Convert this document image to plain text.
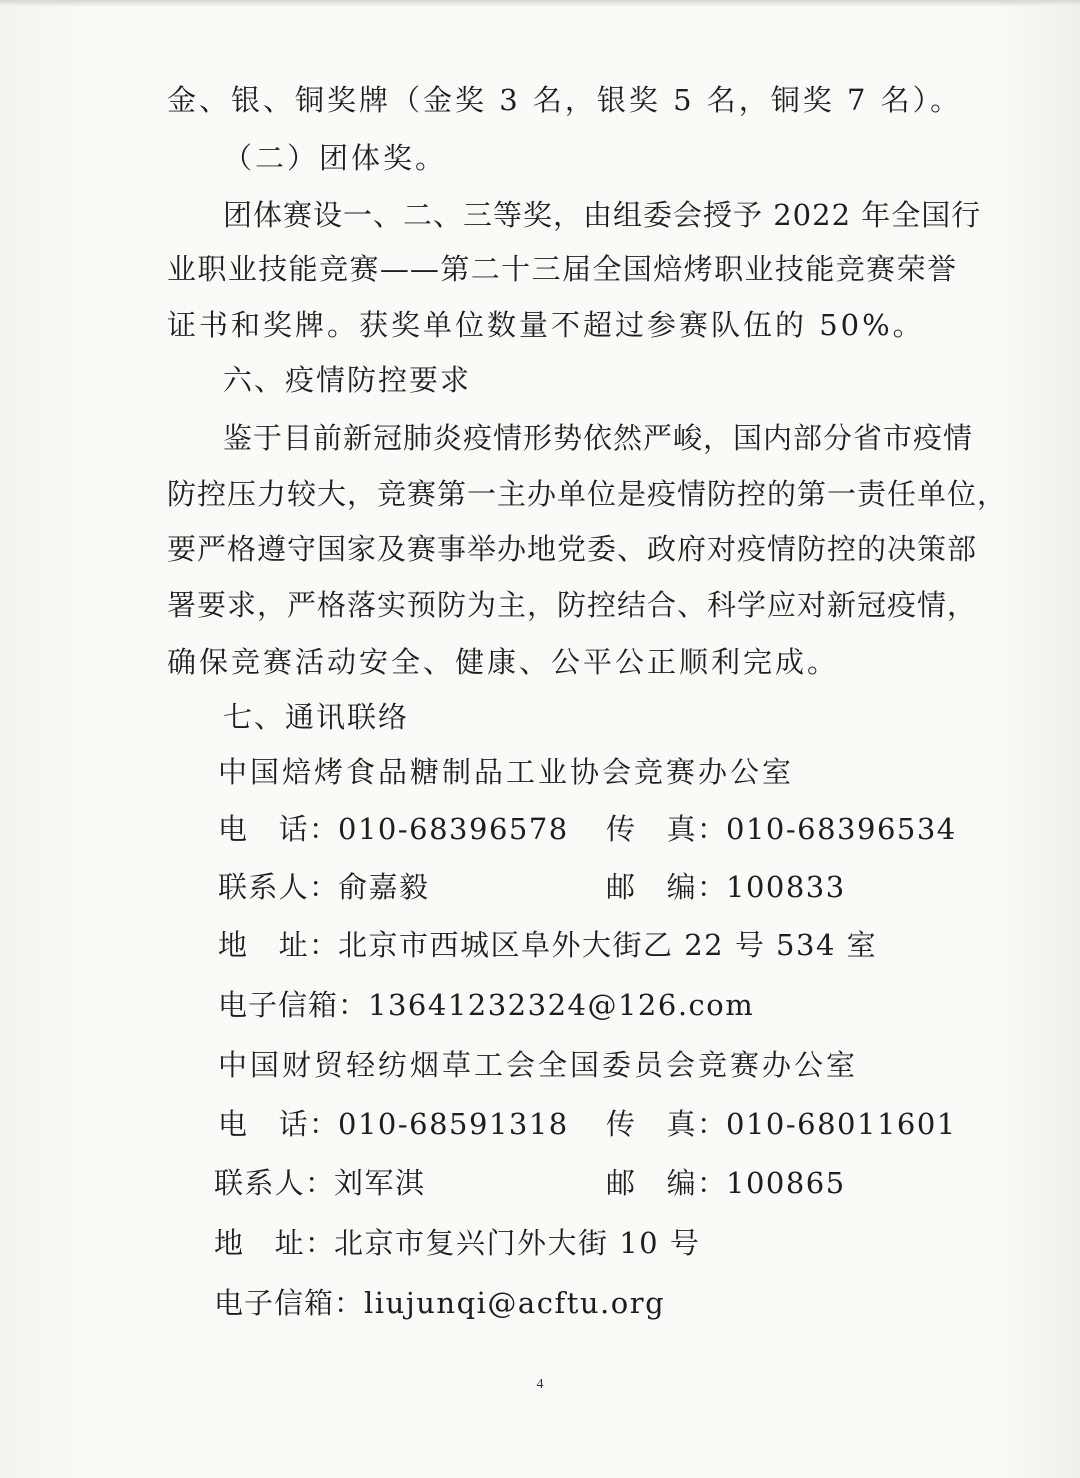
金、银、铜奖牌（金奖 3 名，银奖 5 名，铜奖 7 名）。
（二）团体奖。
团体赛设一、二、三等奖，由组委会授予 2022 年全国行
业职业技能竞赛——第二十三届全国焙烤职业技能竞赛荣誉
证书和奖牌。获奖单位数量不超过参赛队伍的 50%。
六、疫情防控要求
鉴于目前新冠肺炎疫情形势依然严峻，国内部分省市疫情
防控压力较大，竞赛第一主办单位是疫情防控的第一责任单位，
要严格遵守国家及赛事举办地党委、政府对疫情防控的决策部
署要求，严格落实预防为主，防控结合、科学应对新冠疫情，
确保竞赛活动安全、健康、公平公正顺利完成。
七、通讯联络
中国焙烤食品糖制品工业协会竞赛办公室
电　话：010-68396578 传　真：010-68396534
联系人：俞嘉毅	邮　编：100833
地　址：北京市西城区阜外大街乙 22 号 534 室
电子信箱：13641232324@126.com
中国财贸轻纺烟草工会全国委员会竞赛办公室
电　话：010-68591318 传　真：010-68011601
联系人：刘军淇	邮　编：100865
地　址：北京市复兴门外大街 10 号
电子信箱：liujunqi@acftu.org
4
